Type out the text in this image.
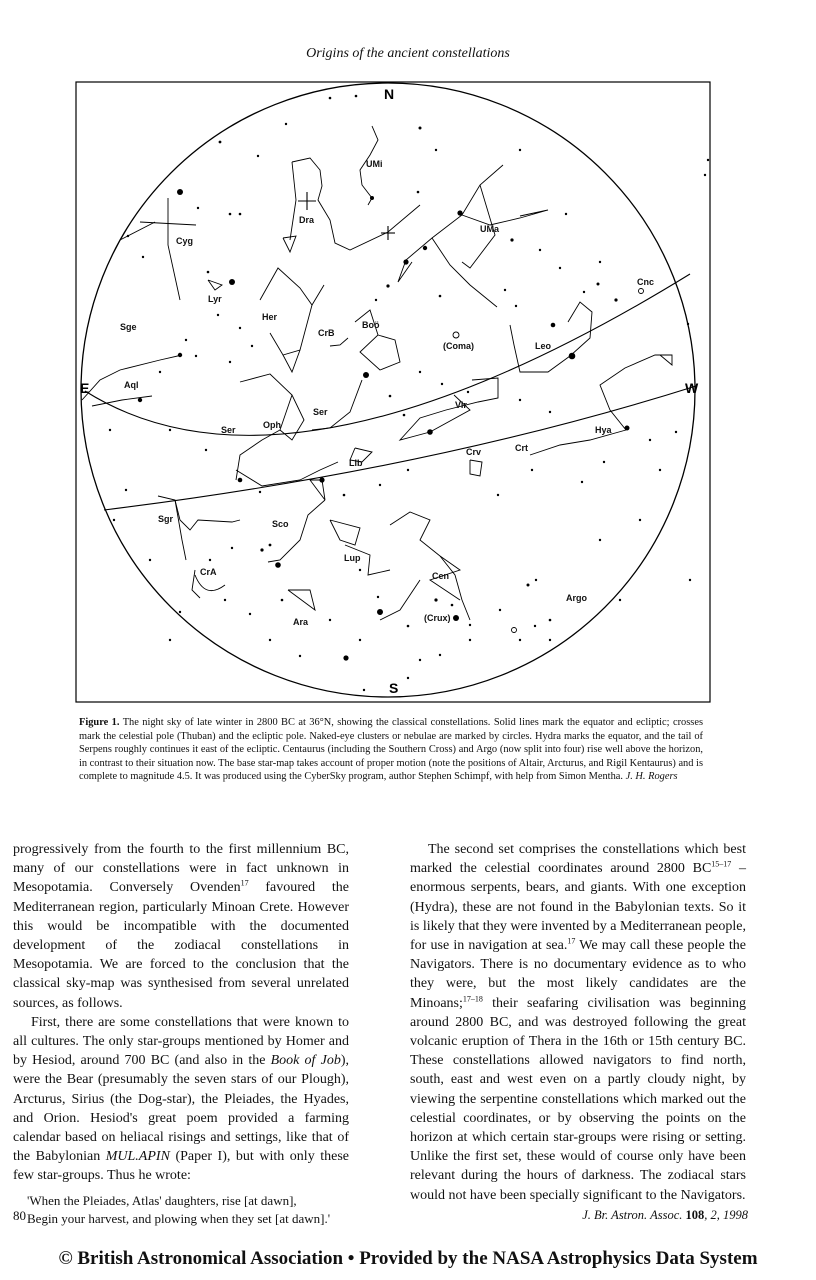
Origins of the ancient constellations
N
S
E	W
UMi
Dra
UMa
Cyg
Lyr
Cnc
Sge
Her
CrB
Boö
(Coma)	Leo
Aql
Vir
Ser
Oph
Ser	Hya
Crv	Crt
Lib
Sgr	Sco
Lup
CrA	Cen
Argo
(Crux)
Ara
Figure 1. The night sky of late winter in 2800 BC at 36°N, showing the classical constellations. Solid lines mark the equator and ecliptic; crosses mark the celestial pole (Thuban) and the ecliptic pole. Naked-eye clusters or nebulae are marked by circles. Hydra marks the equator, and the tail of Serpens roughly continues it east of the ecliptic. Centaurus (including the Southern Cross) and Argo (now split into four) rise well above the horizon, in contrast to their situation now. The base star-map takes account of proper motion (note the positions of Altair, Arcturus, and Rigil Kentaurus) and is complete to magnitude 4.5. It was produced using the CyberSky program, author Stephen Schimpf, with help from Simon Mentha. J. H. Rogers

progressively from the fourth to the first millennium BC, many of our constellations were in fact unknown in Mesopotamia. Conversely Ovenden$^{17}$ favoured the Mediterranean region, particularly Minoan Crete. However this would be incompatible with the documented development of the zodiacal constellations in Mesopotamia. We are forced to the conclusion that the classical sky-map was synthesised from several unrelated sources, as follows.

First, there are some constellations that were known to all cultures. The only star-groups mentioned by Homer and by Hesiod, around 700 BC (and also in the Book of Job), were the Bear (presumably the seven stars of our Plough), Arcturus, Sirius (the Dog-star), the Pleiades, the Hyades, and Orion. Hesiod's great poem provided a farming calendar based on heliacal risings and settings, like that of the Babylonian MUL.APIN (Paper I), but with only these few star-groups. Thus he wrote:

'When the Pleiades, Atlas' daughters, rise [at dawn],
Begin your harvest, and plowing when they set [at dawn].'

The second set comprises the constellations which best marked the celestial coordinates around 2800 BC$^{15-17}$ – enormous serpents, bears, and giants. With one exception (Hydra), these are not found in the Babylonian texts. So it is likely that they were invented by a Mediterranean people, for use in navigation at sea.$^{17}$ We may call these people the Navigators. There is no documentary evidence as to who they were, but the most likely candidates are the Minoans;$^{17-18}$ their seafaring civilisation was beginning around 2800 BC, and was destroyed following the great volcanic eruption of Thera in the 16th or 15th century BC. These constellations allowed navigators to find north, south, east and west even on a partly cloudy night, by viewing the serpentine constellations which marked out the celestial coordinates, or by observing the points on the horizon at which certain star-groups were rising or setting. Unlike the first set, these would of course only have been relevant during the hours of darkness. The zodiacal stars would not have been specially significant to the Navigators.

80	J. Br. Astron. Assoc. 108, 2, 1998
© British Astronomical Association • Provided by the NASA Astrophysics Data System
